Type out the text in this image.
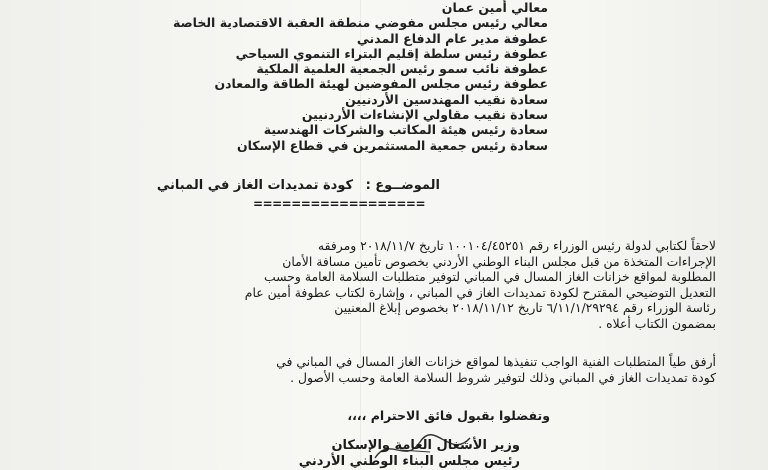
معالي أمين عمان
معالي رئيس مجلس مفوضي منطقة العقبة الاقتصادية الخاصة
عطوفة مدير عام الدفاع المدني
عطوفة رئيس سلطة إقليم البتراء التنموي السياحي
عطوفة نائب سمو رئيس الجمعية العلمية الملكية
عطوفة رئيس مجلس المفوضين لهيئة الطاقة والمعادن
سعادة نقيب المهندسين الأردنيين
سعادة نقيب مقاولي الإنشاءات الأردنيين
سعادة رئيس هيئة المكاتب والشركات الهندسية
سعادة رئيس جمعية المستثمرين في قطاع الإسكان
الموضــوع : كودة تمديدات الغاز في المباني
==================
لاحقاً لكتابي لدولة رئيس الوزراء رقم ١٠٠١٠٤/٤٥٢٥١ تاريخ ٢٠١٨/١١/٧ ومرفقه
الإجراءات المتخذة من قبل مجلس البناء الوطني الأردني بخصوص تأمين مسافة الأمان
المطلوبة لمواقع خزانات الغاز المسال في المباني لتوفير متطلبات السلامة العامة وحسب
التعديل التوضيحي المقترح لكودة تمديدات الغاز في المباني ، وإشارة لكتاب عطوفة أمين عام
رئاسة الوزراء رقم ٦/١١/١/٢٩٢٩٤ تاريخ ٢٠١٨/١١/١٢ بخصوص إبلاغ المعنيين
بمضمون الكتاب أعلاه .
أرفق طياً المتطلبات الفنية الواجب تنفيذها لمواقع خزانات الغاز المسال في المباني في
كودة تمديدات الغاز في المباني وذلك لتوفير شروط السلامة العامة وحسب الأصول .
وتفضلوا بقبول فائق الاحترام ،،،،
وزير الأشغال العامة والإسكان
رئيس مجلس البناء الوطني الأردني
